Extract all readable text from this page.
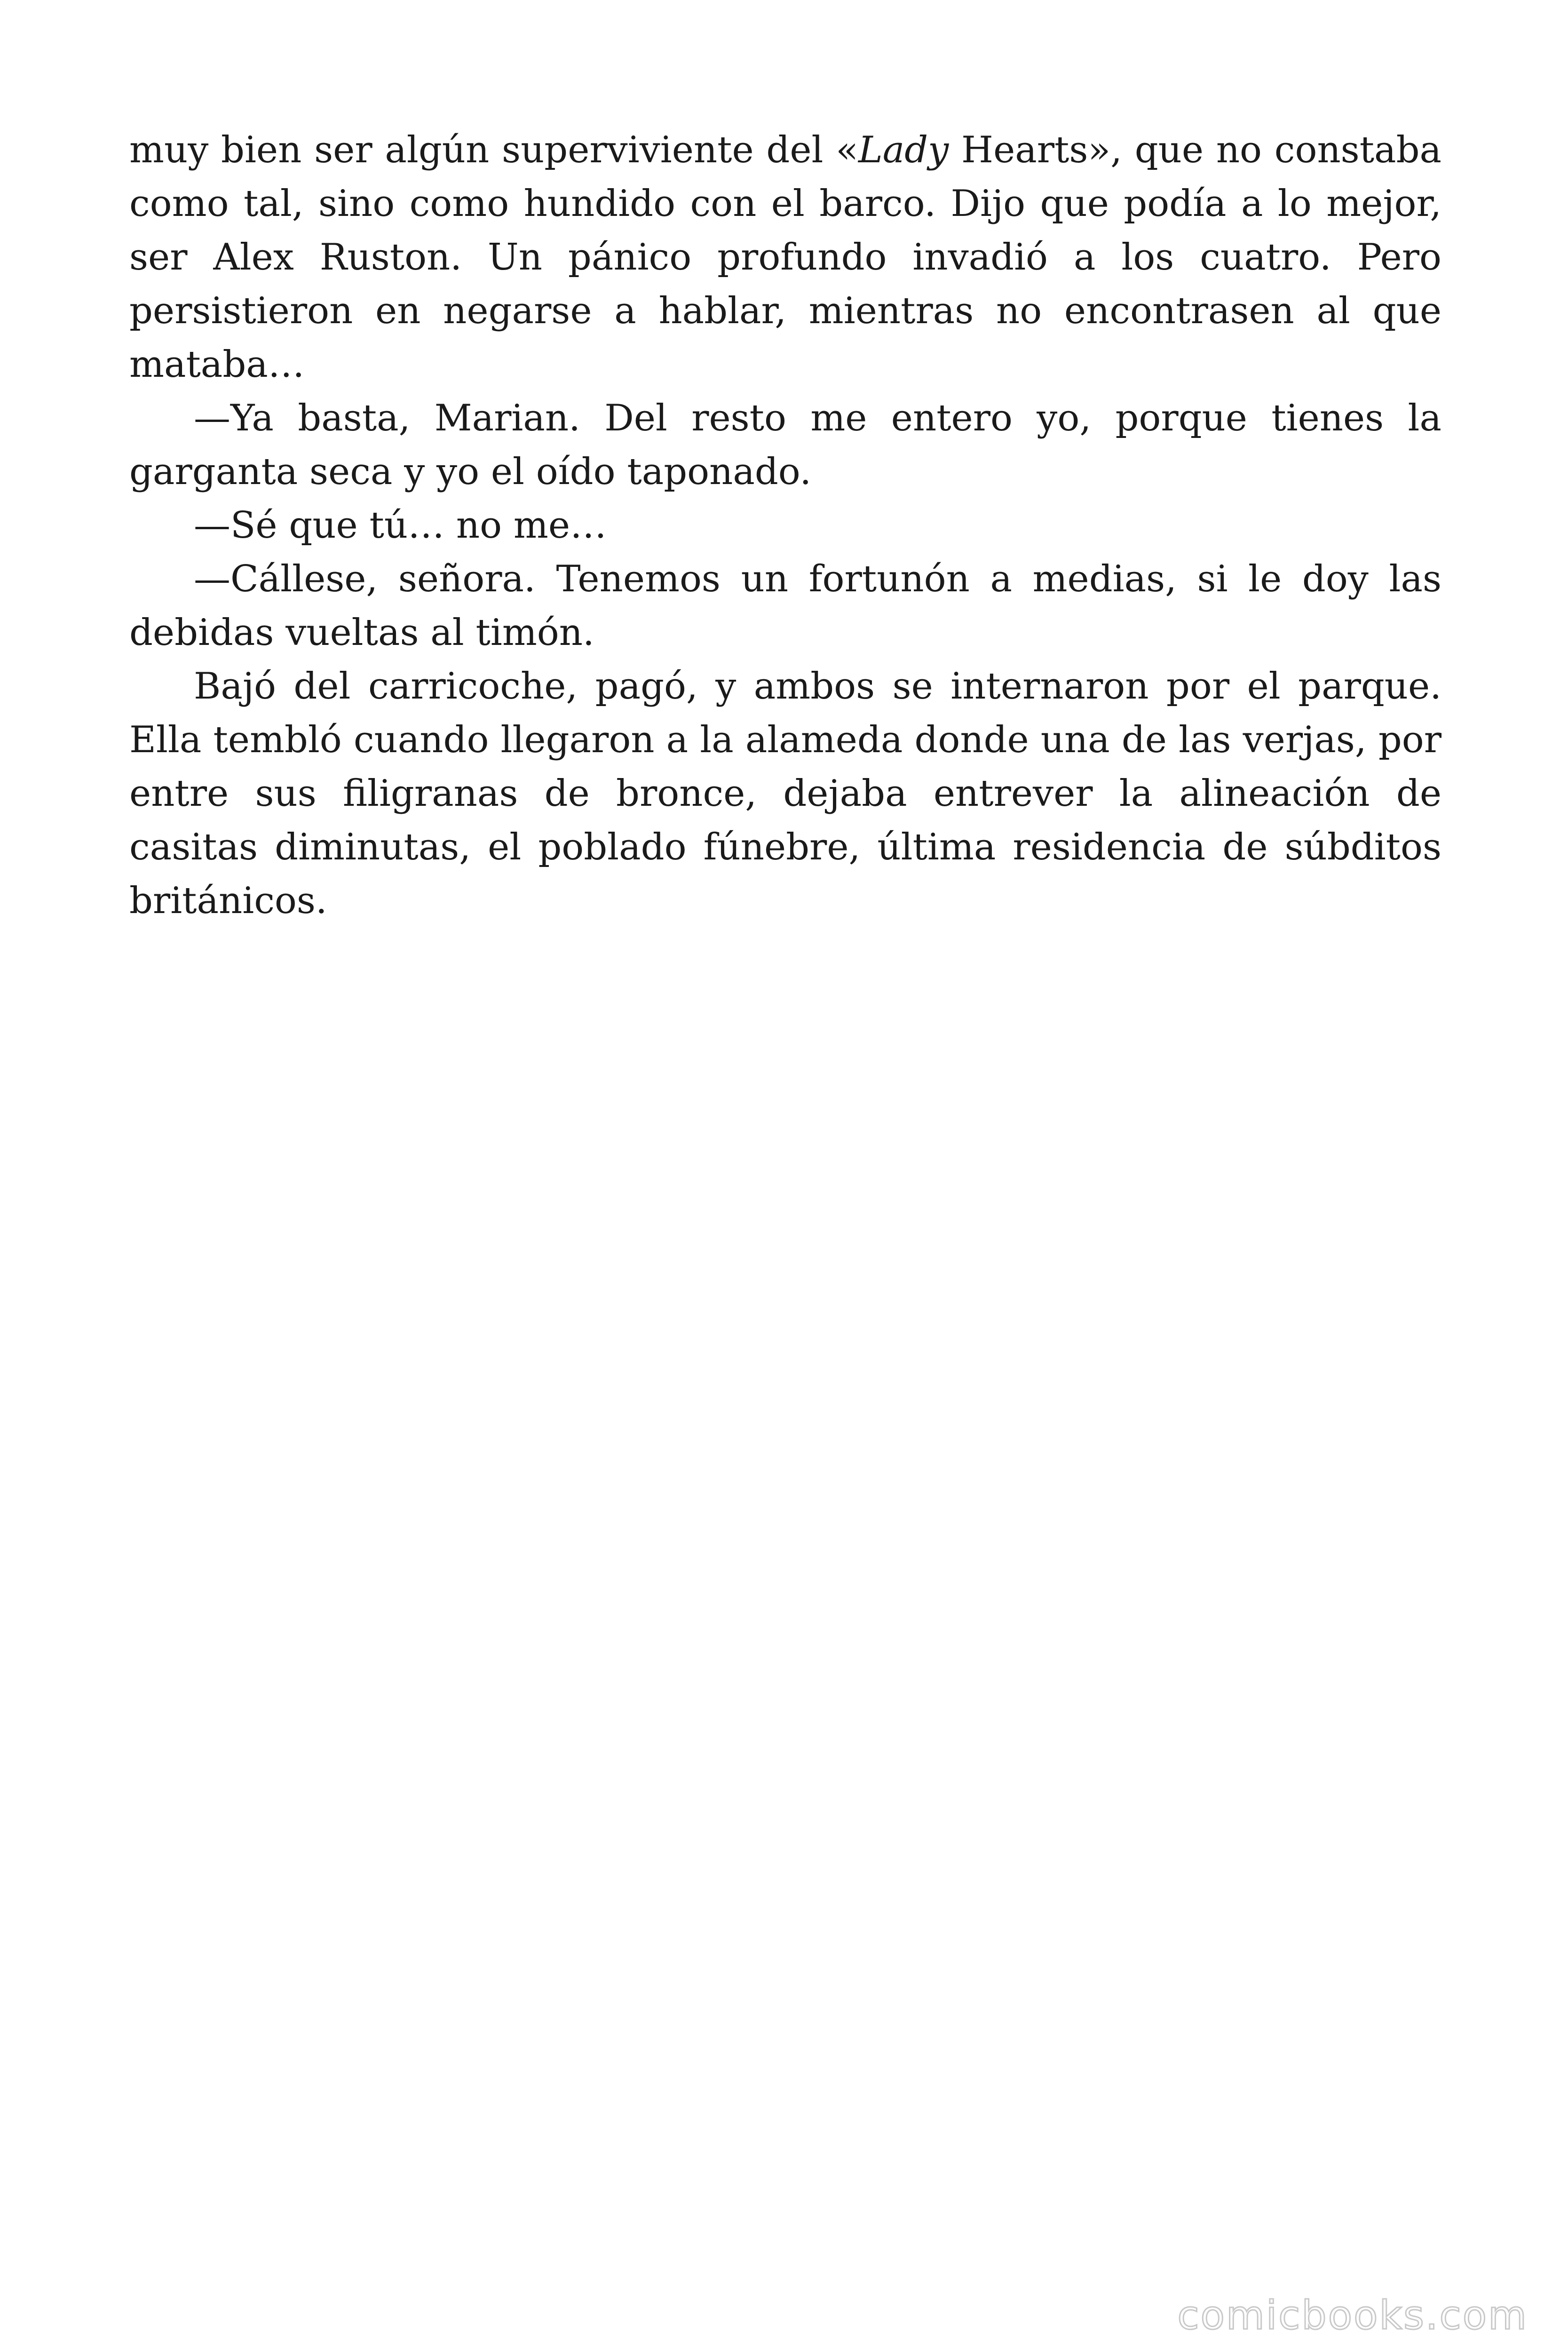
muy bien ser algún superviviente del «Lady Hearts», que no constaba como tal, sino como hundido con el barco. Dijo que podía a lo mejor, ser Alex Ruston. Un pánico profundo invadió a los cuatro. Pero persistieron en negarse a hablar, mientras no encontrasen al que mataba…

—Ya basta, Marian. Del resto me entero yo, porque tienes la garganta seca y yo el oído taponado.

—Sé que tú… no me…

—Cállese, señora. Tenemos un fortunón a medias, si le doy las debidas vueltas al timón.

Bajó del carricoche, pagó, y ambos se internaron por el parque. Ella tembló cuando llegaron a la alameda donde una de las verjas, por entre sus filigranas de bronce, dejaba entrever la alineación de casitas diminutas, el poblado fúnebre, última residencia de súbditos británicos.

comicbooks.com
